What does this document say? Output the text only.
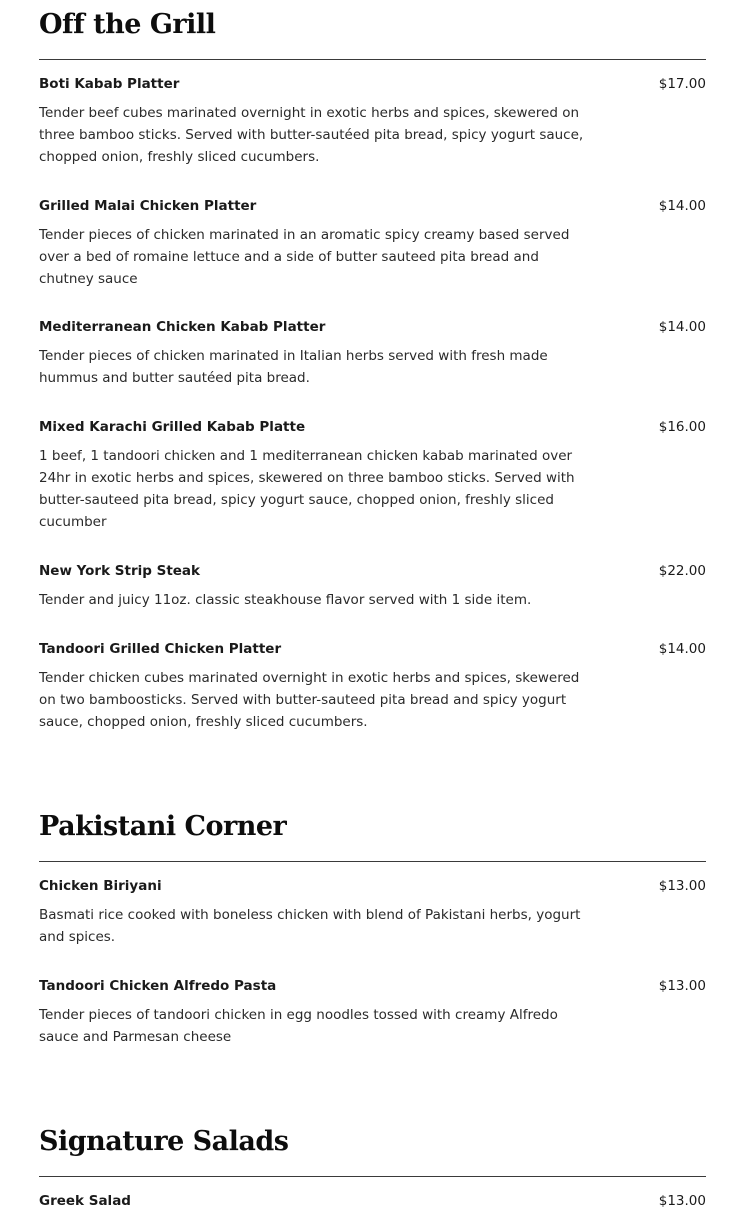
Off the Grill
Boti Kabab Platter	$17.00
Tender beef cubes marinated overnight in exotic herbs and spices, skewered on three bamboo sticks. Served with butter-sautéed pita bread, spicy yogurt sauce, chopped onion, freshly sliced cucumbers.
Grilled Malai Chicken Platter	$14.00
Tender pieces of chicken marinated in an aromatic spicy creamy based served over a bed of romaine lettuce and a side of butter sauteed pita bread and chutney sauce
Mediterranean Chicken Kabab Platter	$14.00
Tender pieces of chicken marinated in Italian herbs served with fresh made hummus and butter sautéed pita bread.
Mixed Karachi Grilled Kabab Platte	$16.00
1 beef, 1 tandoori chicken and 1 mediterranean chicken kabab marinated over 24hr in exotic herbs and spices, skewered on three bamboo sticks. Served with butter-sauteed pita bread, spicy yogurt sauce, chopped onion, freshly sliced cucumber
New York Strip Steak	$22.00
Tender and juicy 11oz. classic steakhouse flavor served with 1 side item.
Tandoori Grilled Chicken Platter	$14.00
Tender chicken cubes marinated overnight in exotic herbs and spices, skewered on two bamboosticks. Served with butter-sauteed pita bread and spicy yogurt sauce, chopped onion, freshly sliced cucumbers.
Pakistani Corner
Chicken Biriyani	$13.00
Basmati rice cooked with boneless chicken with blend of Pakistani herbs, yogurt and spices.
Tandoori Chicken Alfredo Pasta	$13.00
Tender pieces of tandoori chicken in egg noodles tossed with creamy Alfredo sauce and Parmesan cheese
Signature Salads
Greek Salad	$13.00
